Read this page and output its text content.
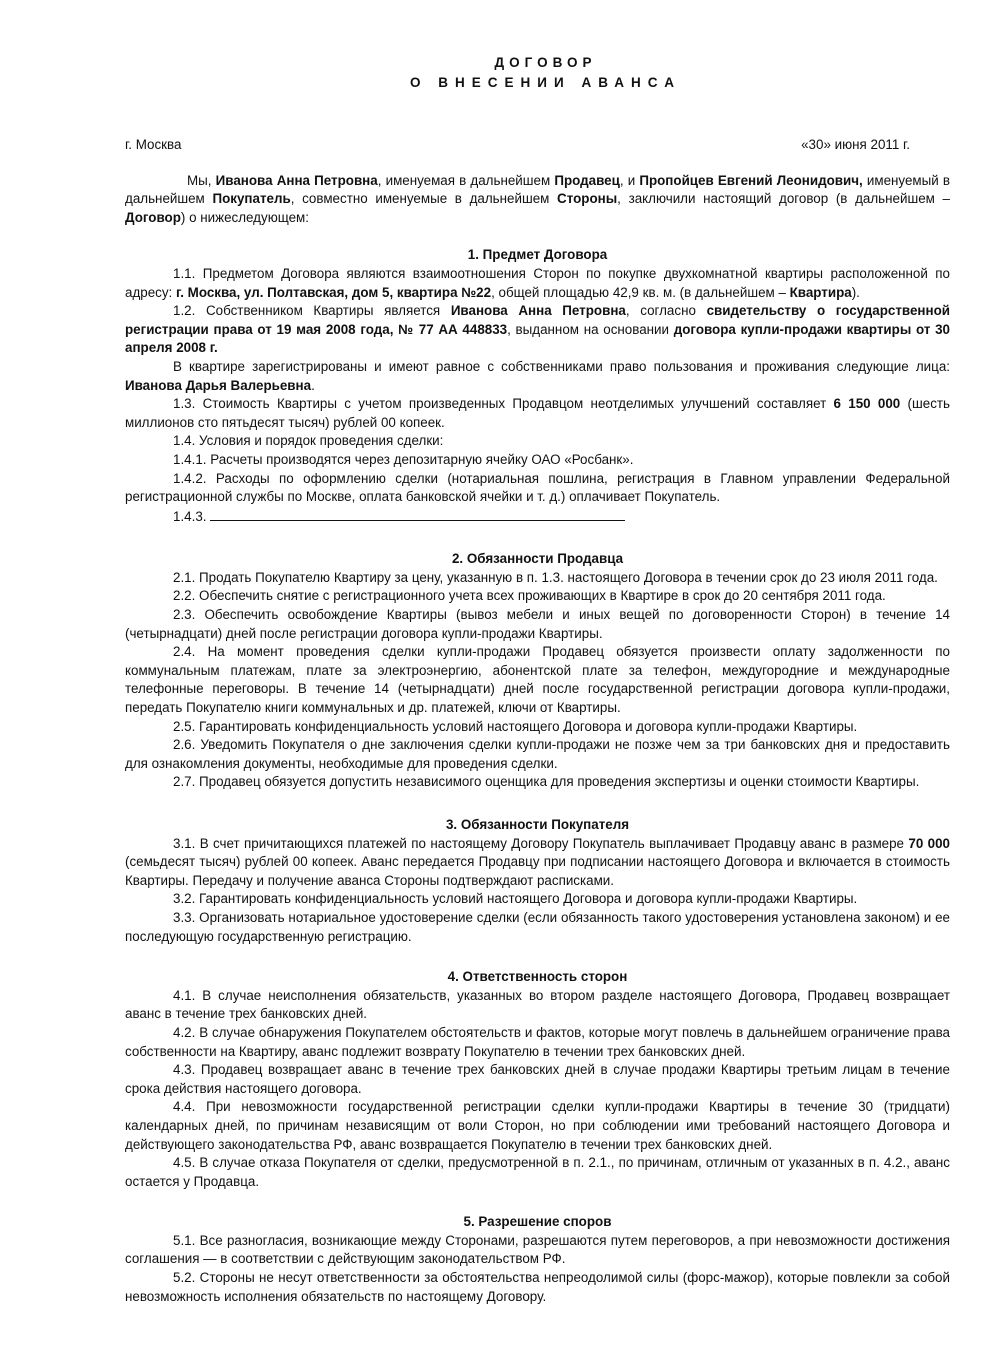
ДОГОВОР
О ВНЕСЕНИИ АВАНСА
г. Москва	«30» июня 2011 г.
Мы, Иванова Анна Петровна, именуемая в дальнейшем Продавец, и Пропойцев Евгений Леонидович, именуемый в дальнейшем Покупатель, совместно именуемые в дальнейшем Стороны, заключили настоящий договор (в дальнейшем – Договор) о нижеследующем:
1. Предмет Договора

1.1. Предметом Договора являются взаимоотношения Сторон по покупке двухкомнатной квартиры расположенной по адресу: г. Москва, ул. Полтавская, дом 5, квартира №22, общей площадью 42,9 кв. м. (в дальнейшем – Квартира).

1.2. Собственником Квартиры является Иванова Анна Петровна, согласно свидетельству о государственной регистрации права от 19 мая 2008 года, № 77 АА 448833, выданном на основании договора купли-продажи квартиры от 30 апреля 2008 г.

В квартире зарегистрированы и имеют равное с собственниками право пользования и проживания следующие лица: Иванова Дарья Валерьевна.

1.3. Стоимость Квартиры с учетом произведенных Продавцом неотделимых улучшений составляет 6 150 000 (шесть миллионов сто пятьдесят тысяч) рублей 00 копеек.

1.4. Условия и порядок проведения сделки:

1.4.1. Расчеты производятся через депозитарную ячейку ОАО «Росбанк».

1.4.2. Расходы по оформлению сделки (нотариальная пошлина, регистрация в Главном управлении Федеральной регистрационной службы по Москве, оплата банковской ячейки и т. д.) оплачивает Покупатель.

1.4.3.

2. Обязанности Продавца

2.1. Продать Покупателю Квартиру за цену, указанную в п. 1.3. настоящего Договора в течении срок до 23 июля 2011 года.

2.2. Обеспечить снятие с регистрационного учета всех проживающих в Квартире в срок до 20 сентября 2011 года.

2.3. Обеспечить освобождение Квартиры (вывоз мебели и иных вещей по договоренности Сторон) в течение 14 (четырнадцати) дней после регистрации договора купли-продажи Квартиры.

2.4. На момент проведения сделки купли-продажи Продавец обязуется произвести оплату задолженности по коммунальным платежам, плате за электроэнергию, абонентской плате за телефон, междугородние и международные телефонные переговоры. В течение 14 (четырнадцати) дней после государственной регистрации договора купли-продажи, передать Покупателю книги коммунальных и др. платежей, ключи от Квартиры.

2.5. Гарантировать конфиденциальность условий настоящего Договора и договора купли-продажи Квартиры.

2.6. Уведомить Покупателя о дне заключения сделки купли-продажи не позже чем за три банковских дня и предоставить для ознакомления документы, необходимые для проведения сделки.

2.7. Продавец обязуется допустить независимого оценщика для проведения экспертизы и оценки стоимости Квартиры.

3. Обязанности Покупателя

3.1. В счет причитающихся платежей по настоящему Договору Покупатель выплачивает Продавцу аванс в размере 70 000 (семьдесят тысяч) рублей 00 копеек. Аванс передается Продавцу при подписании настоящего Договора и включается в стоимость Квартиры. Передачу и получение аванса Стороны подтверждают расписками.

3.2. Гарантировать конфиденциальность условий настоящего Договора и договора купли-продажи Квартиры.

3.3. Организовать нотариальное удостоверение сделки (если обязанность такого удостоверения установлена законом) и ее последующую государственную регистрацию.

4. Ответственность сторон

4.1. В случае неисполнения обязательств, указанных во втором разделе настоящего Договора, Продавец возвращает аванс в течение трех банковских дней.

4.2. В случае обнаружения Покупателем обстоятельств и фактов, которые могут повлечь в дальнейшем ограничение права собственности на Квартиру, аванс подлежит возврату Покупателю в течении трех банковских дней.

4.3. Продавец возвращает аванс в течение трех банковских дней в случае продажи Квартиры третьим лицам в течение срока действия настоящего договора.

4.4. При невозможности государственной регистрации сделки купли-продажи Квартиры в течение 30 (тридцати) календарных дней, по причинам независящим от воли Сторон, но при соблюдении ими требований настоящего Договора и действующего законодательства РФ, аванс возвращается Покупателю в течении трех банковских дней.

4.5. В случае отказа Покупателя от сделки, предусмотренной в п. 2.1., по причинам, отличным от указанных в п. 4.2., аванс остается у Продавца.

5. Разрешение споров

5.1. Все разногласия, возникающие между Сторонами, разрешаются путем переговоров, а при невозможности достижения соглашения — в соответствии с действующим законодательством РФ.

5.2. Стороны не несут ответственности за обстоятельства непреодолимой силы (форс-мажор), которые повлекли за собой невозможность исполнения обязательств по настоящему Договору.
